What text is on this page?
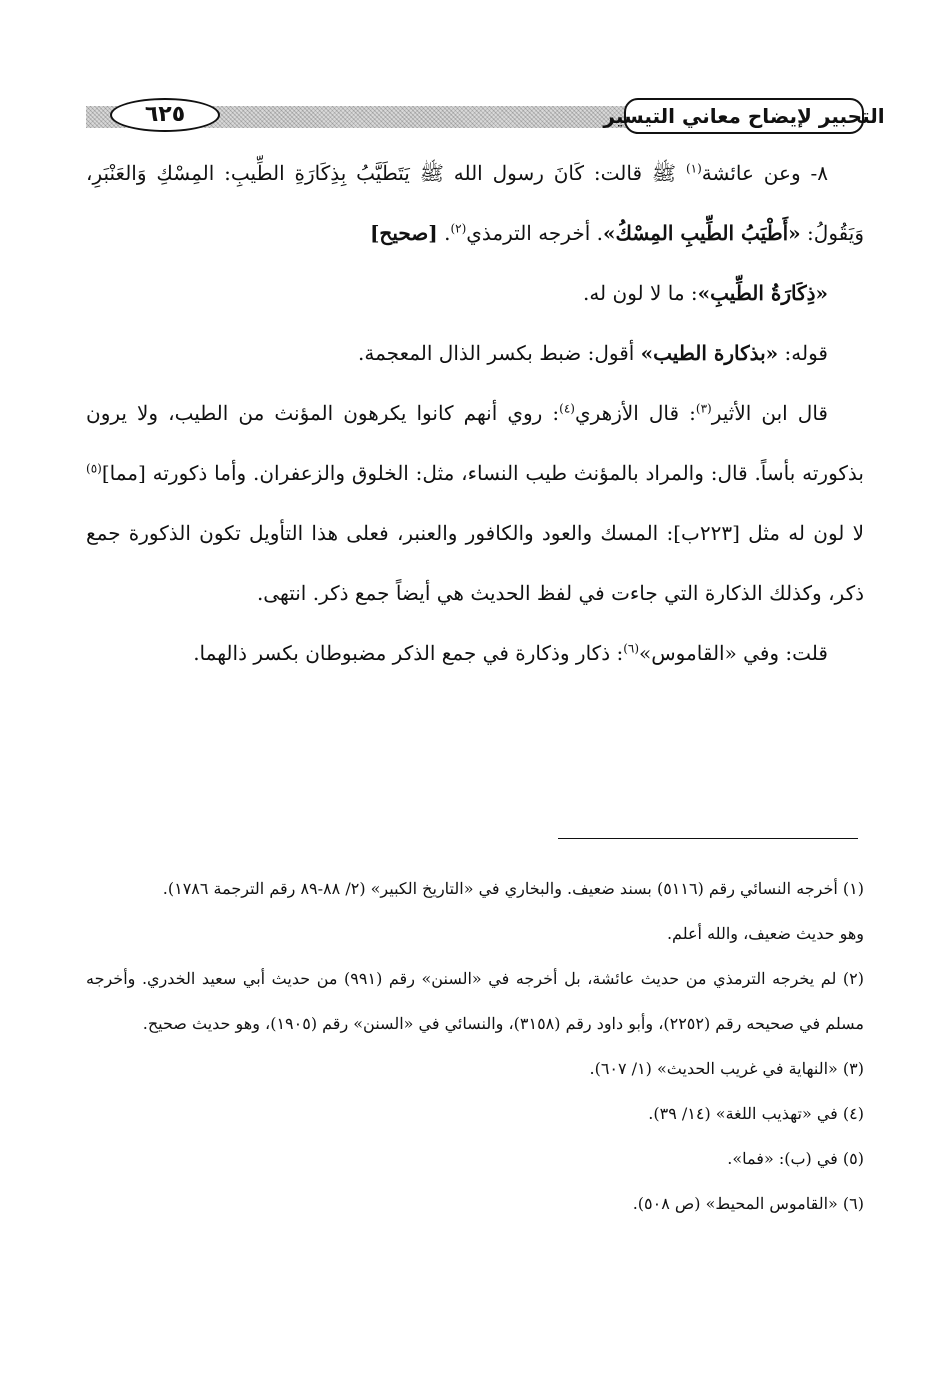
التحبير لإيضاح معاني التيسير
٦٢٥

٨- وعن عائشة$^{(١)}$ ﷺ‬‬ قالت: كَانَ رسول الله ﷺ يَتَطَيَّبُ بِذِكَارَةِ الطِّيبِ: المِسْكِ وَالعَنْبَرِ، وَيَقُولُ: «أَطْيَبُ الطِّيبِ المِسْكُ». أخرجه الترمذي$^{(٢)}$. [صحيح]

«ذِكَارَةُ الطِّيبِ»: ما لا لون له.

قوله: «بذكارة الطيب» أقول: ضبط بكسر الذال المعجمة.

قال ابن الأثير$^{(٣)}$: قال الأزهري$^{(٤)}$: روي أنهم كانوا يكرهون المؤنث من الطيب، ولا يرون بذكورته بأساً. قال: والمراد بالمؤنث طيب النساء، مثل: الخلوق والزعفران. وأما ذكورته [مما]$^{(٥)}$ لا لون له مثل [٢٢٣ب]: المسك والعود والكافور والعنبر، فعلى هذا التأويل تكون الذكورة جمع ذكر، وكذلك الذكارة التي جاءت في لفظ الحديث هي أيضاً جمع ذكر. انتهى.

قلت: وفي «القاموس»$^{(٦)}$: ذكار وذكارة في جمع الذكر مضبوطان بكسر ذالهما.

(١) أخرجه النسائي رقم (٥١١٦) بسند ضعيف. والبخاري في «التاريخ الكبير» (٢/ ٨٨-٨٩ رقم الترجمة ١٧٨٦).

وهو حديث ضعيف، والله أعلم.

(٢) لم يخرجه الترمذي من حديث عائشة، بل أخرجه في «السنن» رقم (٩٩١) من حديث أبي سعيد الخدري. وأخرجه مسلم في صحيحه رقم (٢٢٥٢)، وأبو داود رقم (٣١٥٨)، والنسائي في «السنن» رقم (١٩٠٥)، وهو حديث صحيح.

(٣) «النهاية في غريب الحديث» (١/ ٦٠٧).

(٤) في «تهذيب اللغة» (١٤/ ٣٩).

(٥) في (ب): «فما».

(٦) «القاموس المحيط» (ص ٥٠٨).
